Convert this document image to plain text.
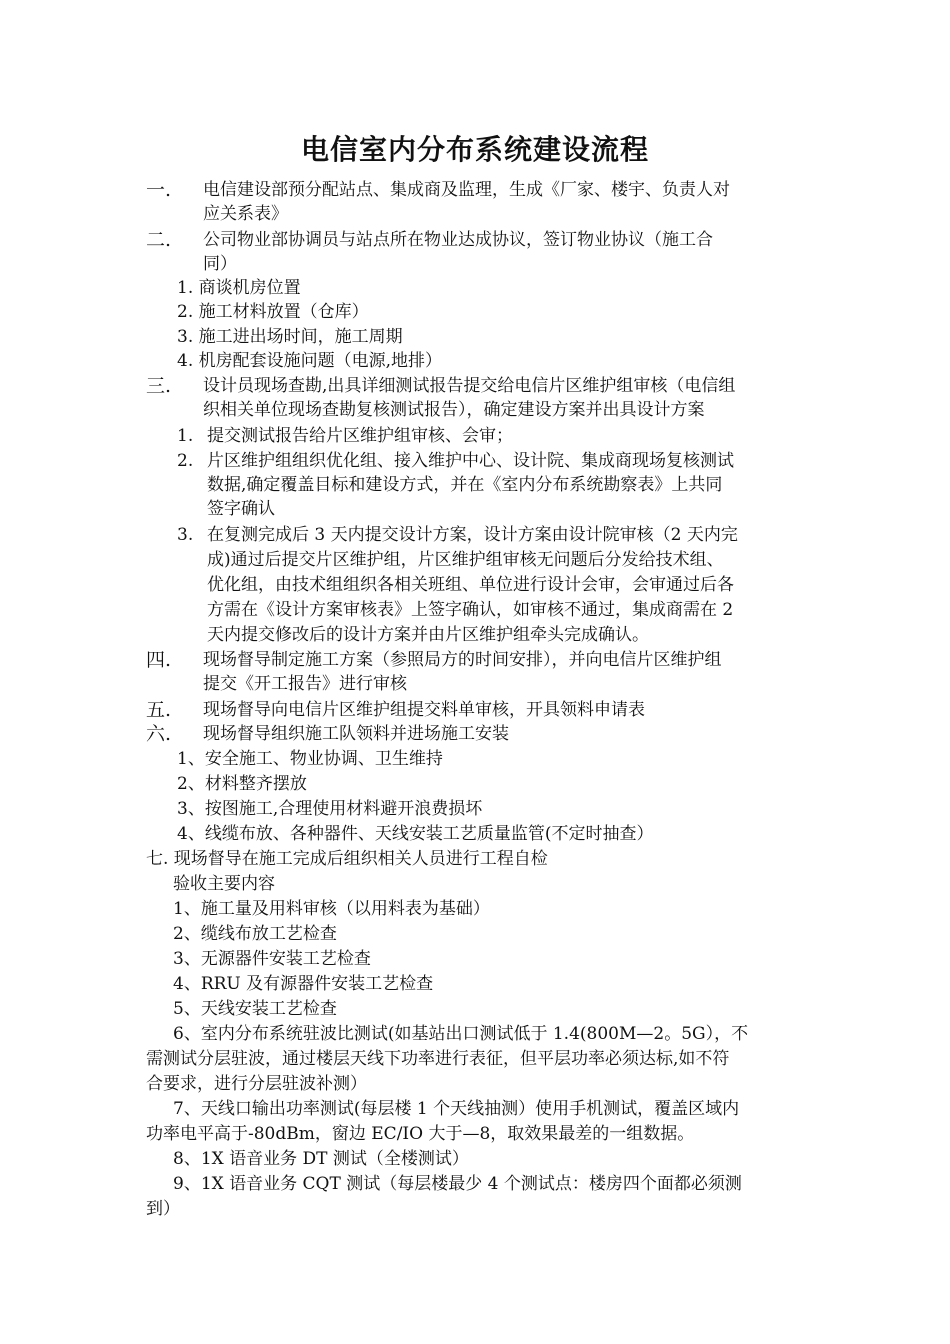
电信室内分布系统建设流程
一. 电信建设部预分配站点、集成商及监理，生成《厂家、楼宇、负责人对
应关系表》
二. 公司物业部协调员与站点所在物业达成协议，签订物业协议（施工合
同）
1. 商谈机房位置
2. 施工材料放置（仓库）
3. 施工进出场时间，施工周期
4. 机房配套设施问题（电源,地排）
三. 设计员现场查勘,出具详细测试报告提交给电信片区维护组审核（电信组
织相关单位现场查勘复核测试报告），确定建设方案并出具设计方案
1. 提交测试报告给片区维护组审核、会审；
2. 片区维护组组织优化组、接入维护中心、设计院、集成商现场复核测试
数据,确定覆盖目标和建设方式，并在《室内分布系统勘察表》上共同
签字确认
3. 在复测完成后 3 天内提交设计方案，设计方案由设计院审核（2 天内完
成)通过后提交片区维护组，片区维护组审核无问题后分发给技术组、
优化组，由技术组组织各相关班组、单位进行设计会审，会审通过后各
方需在《设计方案审核表》上签字确认，如审核不通过，集成商需在 2
天内提交修改后的设计方案并由片区维护组牵头完成确认。
四. 现场督导制定施工方案（参照局方的时间安排），并向电信片区维护组
提交《开工报告》进行审核
五. 现场督导向电信片区维护组提交料单审核，开具领料申请表
六. 现场督导组织施工队领料并进场施工安装
1、安全施工、物业协调、卫生维持
2、材料整齐摆放
3、按图施工,合理使用材料避开浪费损坏
4、线缆布放、各种器件、天线安装工艺质量监管(不定时抽查）
七. 现场督导在施工完成后组织相关人员进行工程自检
验收主要内容
1、施工量及用料审核（以用料表为基础）
2、缆线布放工艺检查
3、无源器件安装工艺检查
4、RRU 及有源器件安装工艺检查
5、天线安装工艺检查
6、室内分布系统驻波比测试(如基站出口测试低于 1.4(800M—2。5G），不
需测试分层驻波，通过楼层天线下功率进行表征，但平层功率必须达标,如不符
合要求，进行分层驻波补测）
7、天线口输出功率测试(每层楼 1 个天线抽测）使用手机测试，覆盖区域内
功率电平高于-80dBm，窗边 EC/IO 大于—8，取效果最差的一组数据。
8、1X 语音业务 DT 测试（全楼测试）
9、1X 语音业务 CQT 测试（每层楼最少 4 个测试点：楼房四个面都必须测
到）
